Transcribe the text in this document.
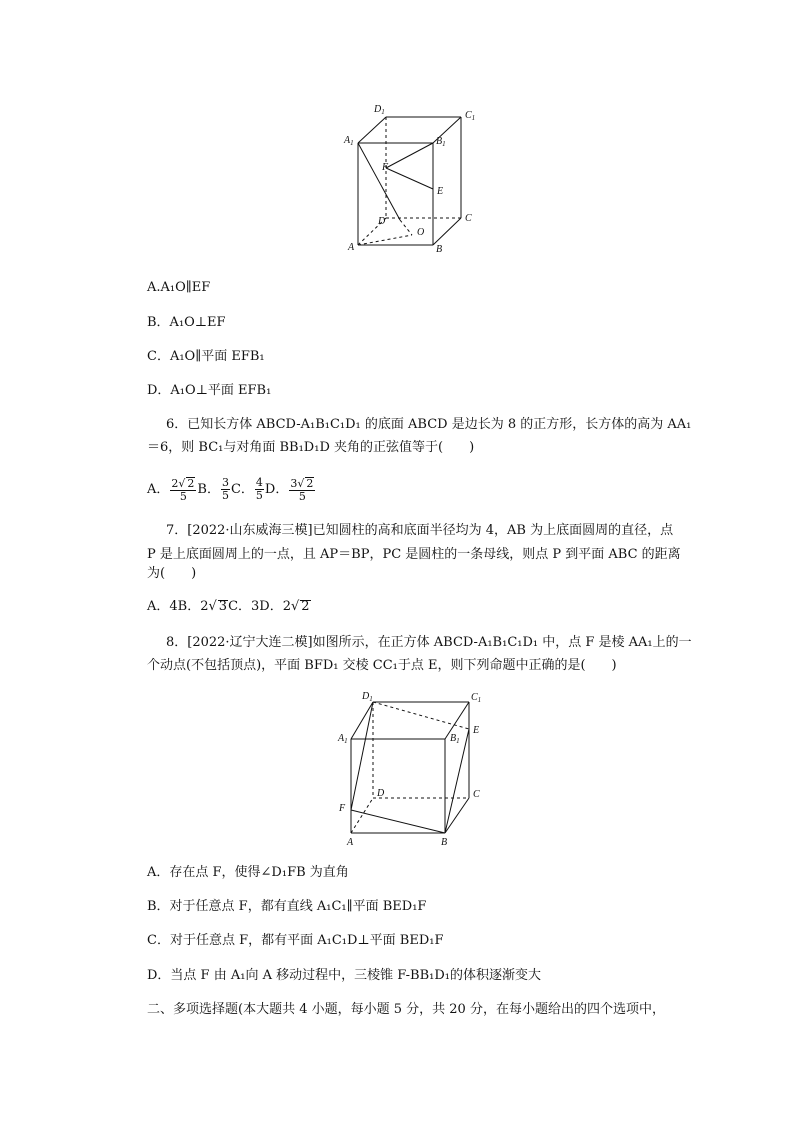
$D_1$	$C_1$
$A_1$	$B_1$
F
E
D
O
C
A	B
A.A₁O∥EF
B．A₁O⊥EF
C．A₁O∥平面 EFB₁
D．A₁O⊥平面 EFB₁
6．已知长方体 ABCD-A₁B₁C₁D₁ 的底面 ABCD 是边长为 8 的正方形，长方体的高为 AA₁
＝6，则 BC₁与对角面 BB₁D₁D 夹角的正弦值等于(　　)
A． $\frac{2√ 2}{5}$ B． $\frac{3}{5}$ C． $\frac{4}{5}$ D． $\frac{3√ 2}{5}$
7．[2022·山东威海三模]已知圆柱的高和底面半径均为 4，AB 为上底面圆周的直径，点
P 是上底面圆周上的一点，且 AP＝BP，PC 是圆柱的一条母线，则点 P 到平面 ABC 的距离
为(　　)
A．4B．2√ 3C．3D．2√ 2
8．[2022·辽宁大连二模]如图所示，在正方体 ABCD-A₁B₁C₁D₁ 中，点 F 是棱 AA₁上的一
个动点(不包括顶点)，平面 BFD₁ 交棱 CC₁于点 E，则下列命题中正确的是(　　)
$D_1$	$C_1$
$A_1$	$B_1$
E
D	C
F
A	B
A．存在点 F，使得∠D₁FB 为直角
B．对于任意点 F，都有直线 A₁C₁∥平面 BED₁F
C．对于任意点 F，都有平面 A₁C₁D⊥平面 BED₁F
D．当点 F 由 A₁向 A 移动过程中，三棱锥 F-BB₁D₁的体积逐渐变大
二、多项选择题(本大题共 4 小题，每小题 5 分，共 20 分，在每小题给出的四个选项中，
